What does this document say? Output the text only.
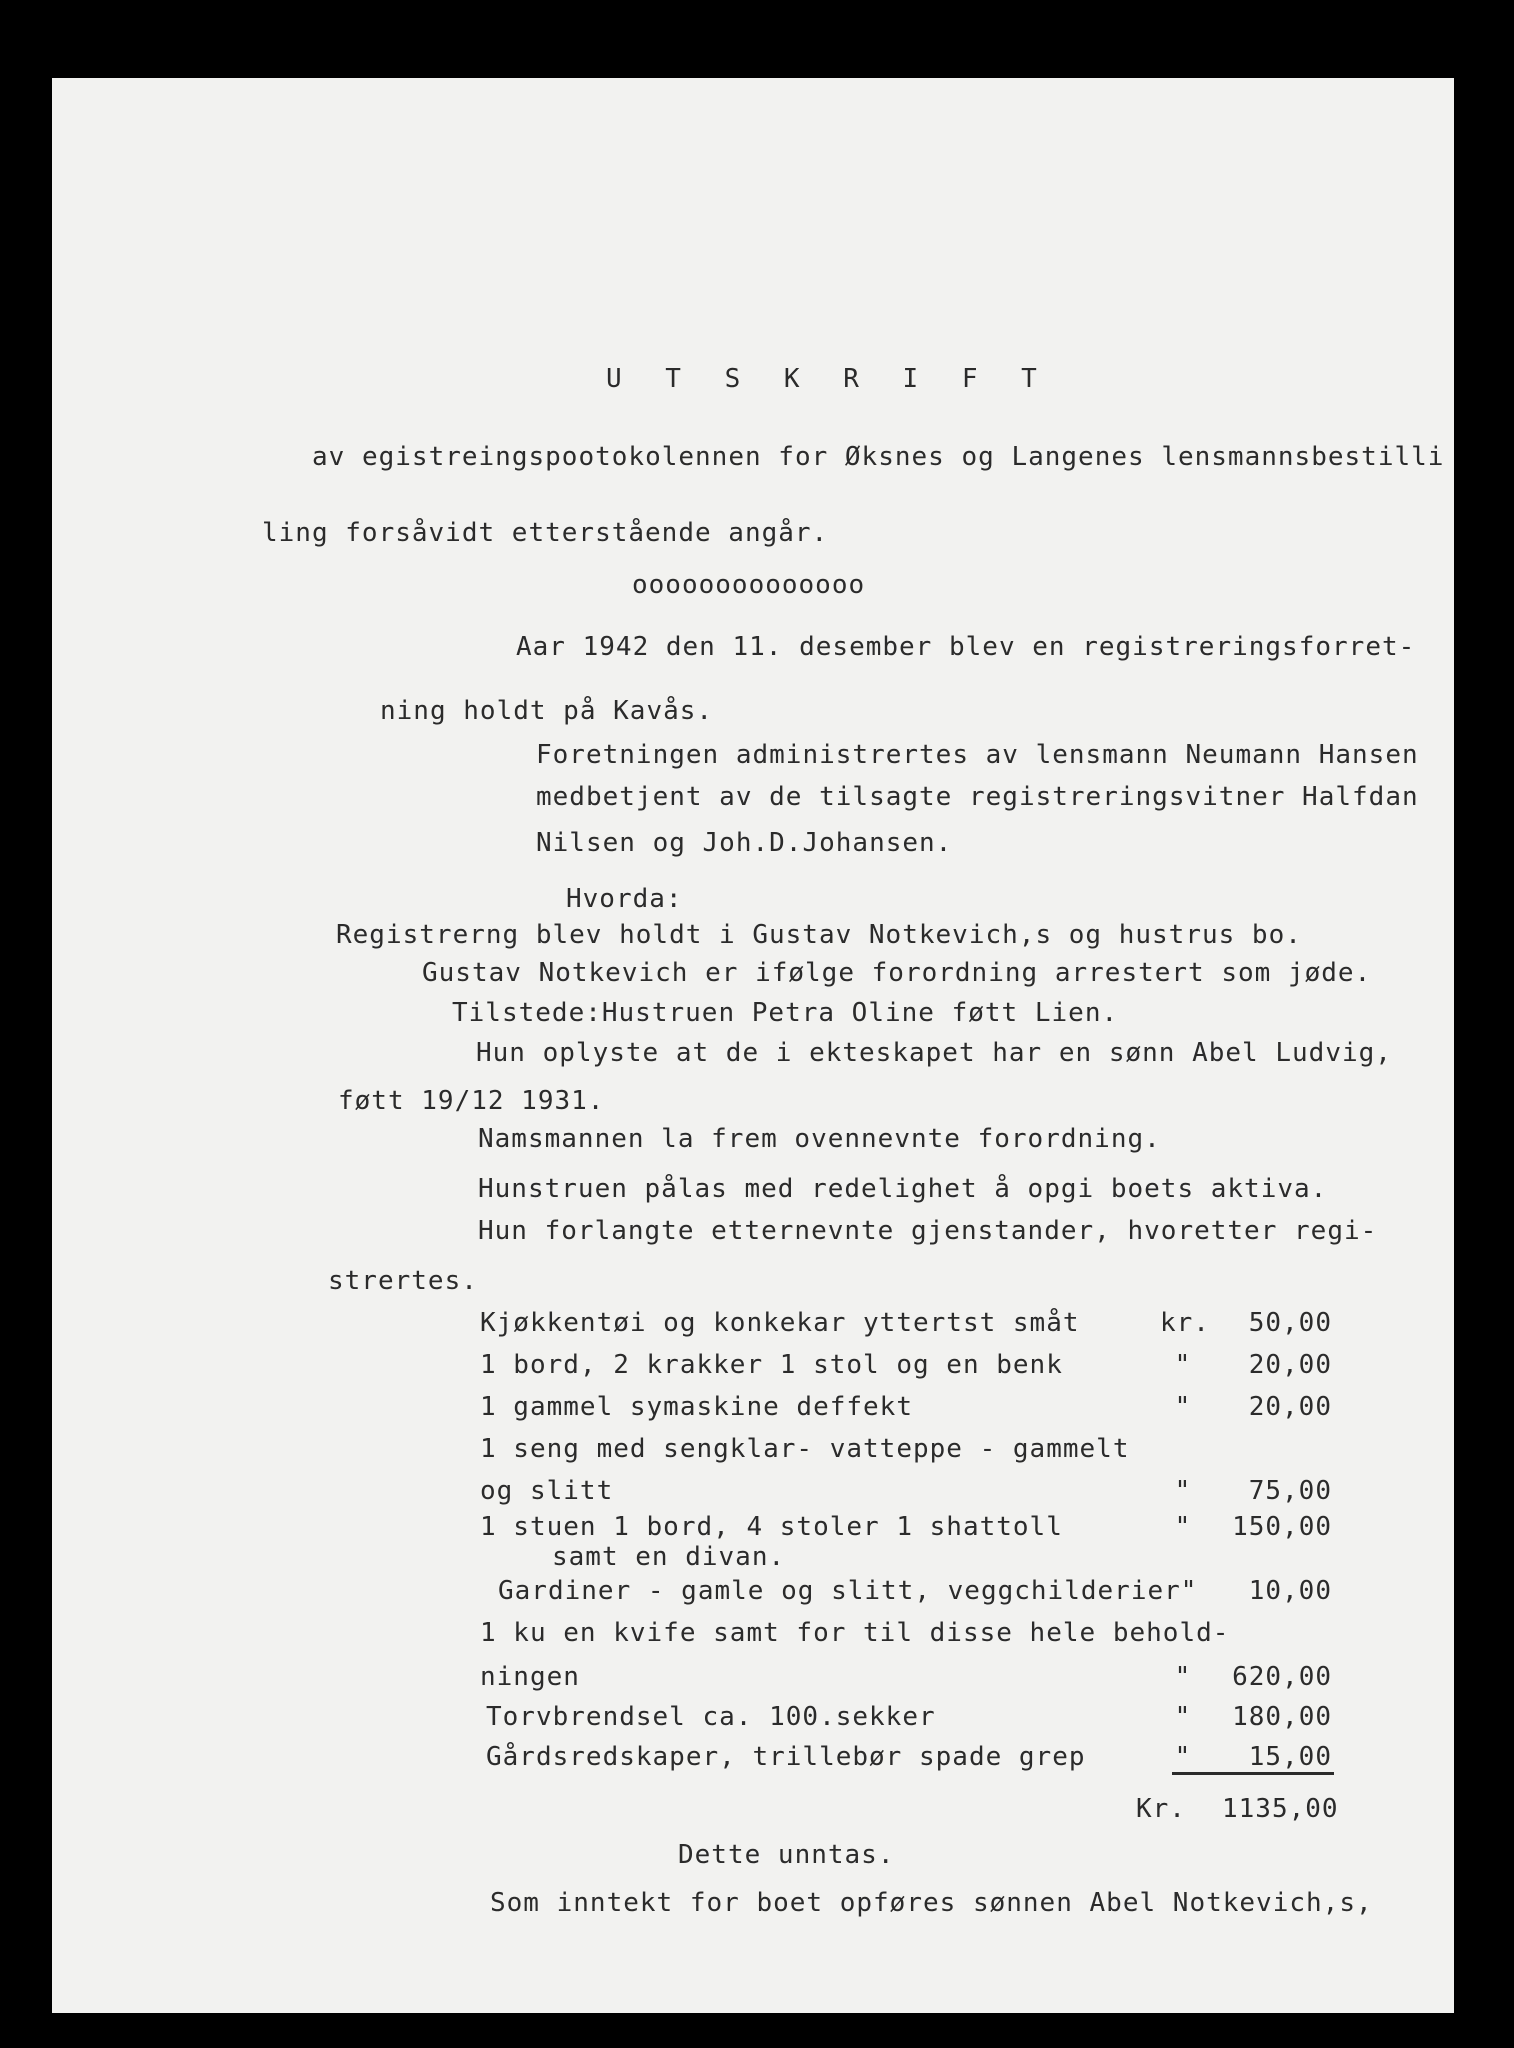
U T S K R I F T
av egistreingspootokolennen for Øksnes og Langenes lensmannsbestilli
ling forsåvidt etterstående angår.
oooooooooooooo
Aar 1942 den 11. desember blev en registreringsforret-
ning holdt på Kavås.
Foretningen administrertes av lensmann Neumann Hansen
medbetjent av de tilsagte registreringsvitner Halfdan
Nilsen og Joh.D.Johansen.
Hvorda:
Registrerng blev holdt i Gustav Notkevich,s og hustrus bo.
Gustav Notkevich er ifølge forordning arrestert som jøde.
Tilstede:Hustruen Petra Oline føtt Lien.
Hun oplyste at de i ekteskapet har en sønn Abel Ludvig,
føtt 19/12 1931.
Namsmannen la frem ovennevnte forordning.
Hunstruen pålas med redelighet å opgi boets aktiva.
Hun forlangte etternevnte gjenstander, hvoretter regi-
strertes.
Kjøkkentøi og konkekar yttertst småt	kr.	50,00
1 bord, 2 krakker 1 stol og en benk	"	20,00
1 gammel symaskine deffekt	"	20,00
1 seng med sengklar- vatteppe - gammelt
og slitt	"	75,00
1 stuen 1 bord, 4 stoler 1 shattoll	"	150,00
samt en divan.
Gardiner - gamle og slitt, veggchilderier"	10,00
1 ku en kvife samt for til disse hele behold-
ningen	"	620,00
Torvbrendsel ca. 100.sekker	"	180,00
Gårdsredskaper, trillebør spade grep	"	15,00
Kr. 1135,00
Dette unntas.
Som inntekt for boet opføres sønnen Abel Notkevich,s,
